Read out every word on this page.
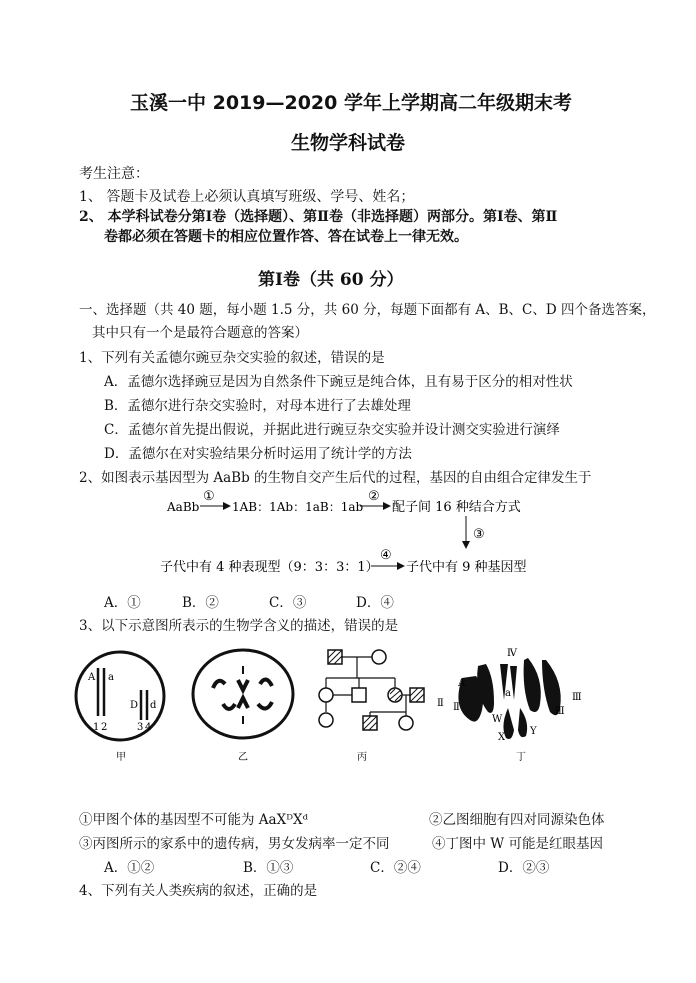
玉溪一中 2019—2020 学年上学期高二年级期末考
生物学科试卷
考生注意：
1、 答题卡及试卷上必须认真填写班级、学号、姓名；
2、 本学科试卷分第Ⅰ卷（选择题）、第Ⅱ卷（非选择题）两部分。第Ⅰ卷、第Ⅱ
卷都必须在答题卡的相应位置作答、答在试卷上一律无效。
第Ⅰ卷（共 60 分）
一、选择题（共 40 题，每小题 1.5 分，共 60 分，每题下面都有 A、B、C、D 四个备选答案，
其中只有一个是最符合题意的答案）
1、下列有关孟德尔豌豆杂交实验的叙述，错误的是
A．孟德尔选择豌豆是因为自然条件下豌豆是纯合体，且有易于区分的相对性状
B．孟德尔进行杂交实验时，对母本进行了去雄处理
C．孟德尔首先提出假说，并据此进行豌豆杂交实验并设计测交实验进行演绎
D．孟德尔在对实验结果分析时运用了统计学的方法
2、如图表示基因型为 AaBb 的生物自交产生后代的过程，基因的自由组合定律发生于
AaBb
①
1AB：1Ab：1aB：1ab
②
配子间 16 种结合方式
③
子代中有 4 种表现型（9：3：3：1）
④
子代中有 9 种基因型
A．①	B．②	C．③	D．④
3、以下示意图所表示的生物学含义的描述，错误的是
A a
1 2
D d
3 4
甲	乙	丙
Ⅳ
A
a
Ⅱ Ⅱ
Ⅲ
Ⅲ
W
X
Y
丁
①甲图个体的基因型不可能为 AaXᴰXᵈ	②乙图细胞有四对同源染色体
③丙图所示的家系中的遗传病，男女发病率一定不同	④丁图中 W 可能是红眼基因
A．①②	B．①③	C．②④	D．②③
4、下列有关人类疾病的叙述，正确的是
